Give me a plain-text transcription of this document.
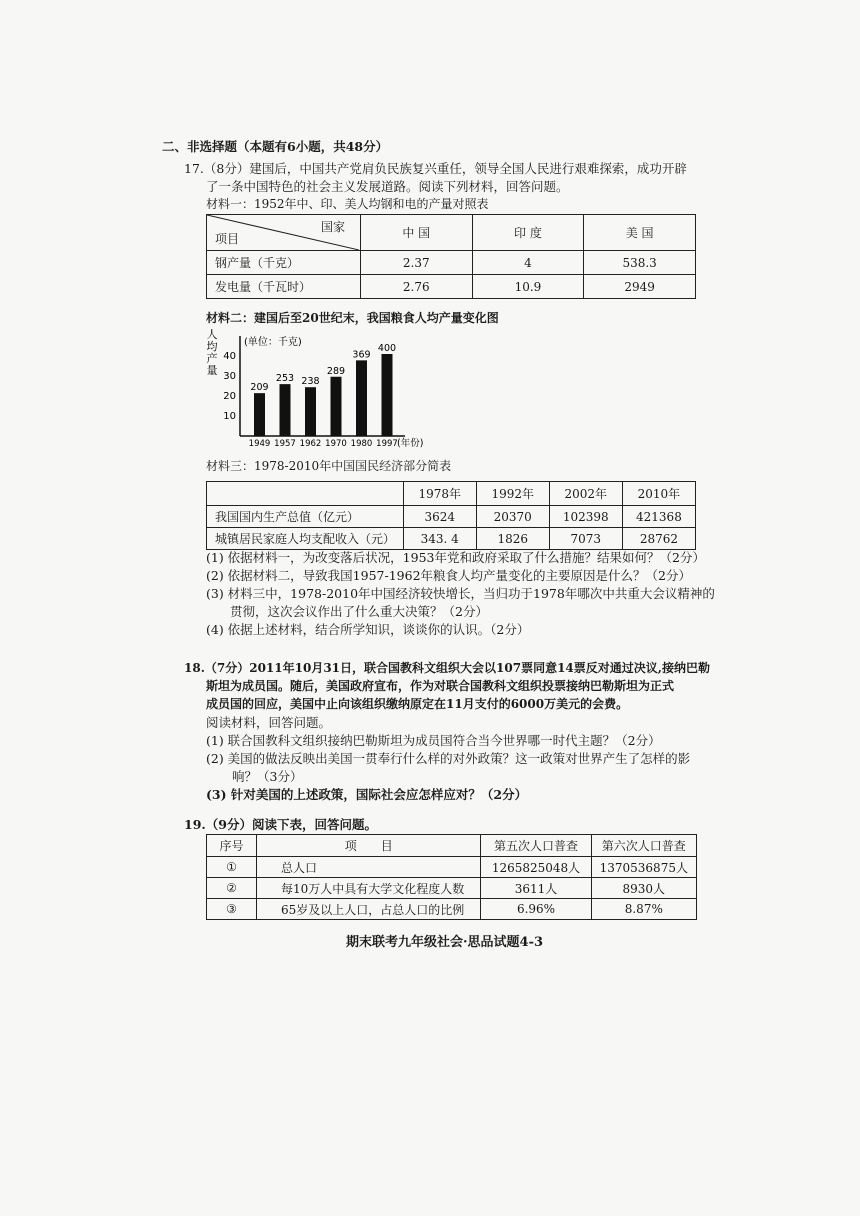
二、非选择题（本题有6小题，共48分）
17.（8分）建国后，中国共产党肩负民族复兴重任，领导全国人民进行艰难探索，成功开辟
了一条中国特色的社会主义发展道路。阅读下列材料，回答问题。
材料一：1952年中、印、美人均钢和电的产量对照表
国家
项目	中 国	印 度	美 国
钢产量（千克）	2.37	4	538.3
发电量（千瓦时）	2.76	10.9	2949
材料二：建国后至20世纪末，我国粮食人均产量变化图
人
均
产
量
(单位：千克)
10
20
30
40
209
1949
253
1957
238
1962
289
1970
369
1980
400
1997 (年份)
材料三：1978-2010年中国国民经济部分简表
	1978年	1992年	2002年	2010年
我国国内生产总值（亿元）	3624	20370	102398	421368
城镇居民家庭人均支配收入（元）	343. 4	1826	7073	28762
(1) 依据材料一，为改变落后状况，1953年党和政府采取了什么措施？结果如何？（2分）
(2) 依据材料二，导致我国1957-1962年粮食人均产量变化的主要原因是什么？（2分）
(3) 材料三中，1978-2010年中国经济较快增长，当归功于1978年哪次中共重大会议精神的
贯彻，这次会议作出了什么重大决策？（2分）
(4) 依据上述材料，结合所学知识，谈谈你的认识。（2分）
18.（7分）2011年10月31日，联合国教科文组织大会以107票同意14票反对通过决议,接纳巴勒
斯坦为成员国。随后，美国政府宣布，作为对联合国教科文组织投票接纳巴勒斯坦为正式
成员国的回应，美国中止向该组织缴纳原定在11月支付的6000万美元的会费。
阅读材料，回答问题。
(1) 联合国教科文组织接纳巴勒斯坦为成员国符合当今世界哪一时代主题？（2分）
(2) 美国的做法反映出美国一贯奉行什么样的对外政策？这一政策对世界产生了怎样的影
响？（3分）
(3) 针对美国的上述政策，国际社会应怎样应对？（2分）
19.（9分）阅读下表，回答问题。
序号	项　　目	第五次人口普查	第六次人口普查
①	总人口	1265825048人	1370536875人
②	每10万人中具有大学文化程度人数	3611人	8930人
③	65岁及以上人口，占总人口的比例	6.96%	8.87%
期末联考九年级社会·思品试题4-3
